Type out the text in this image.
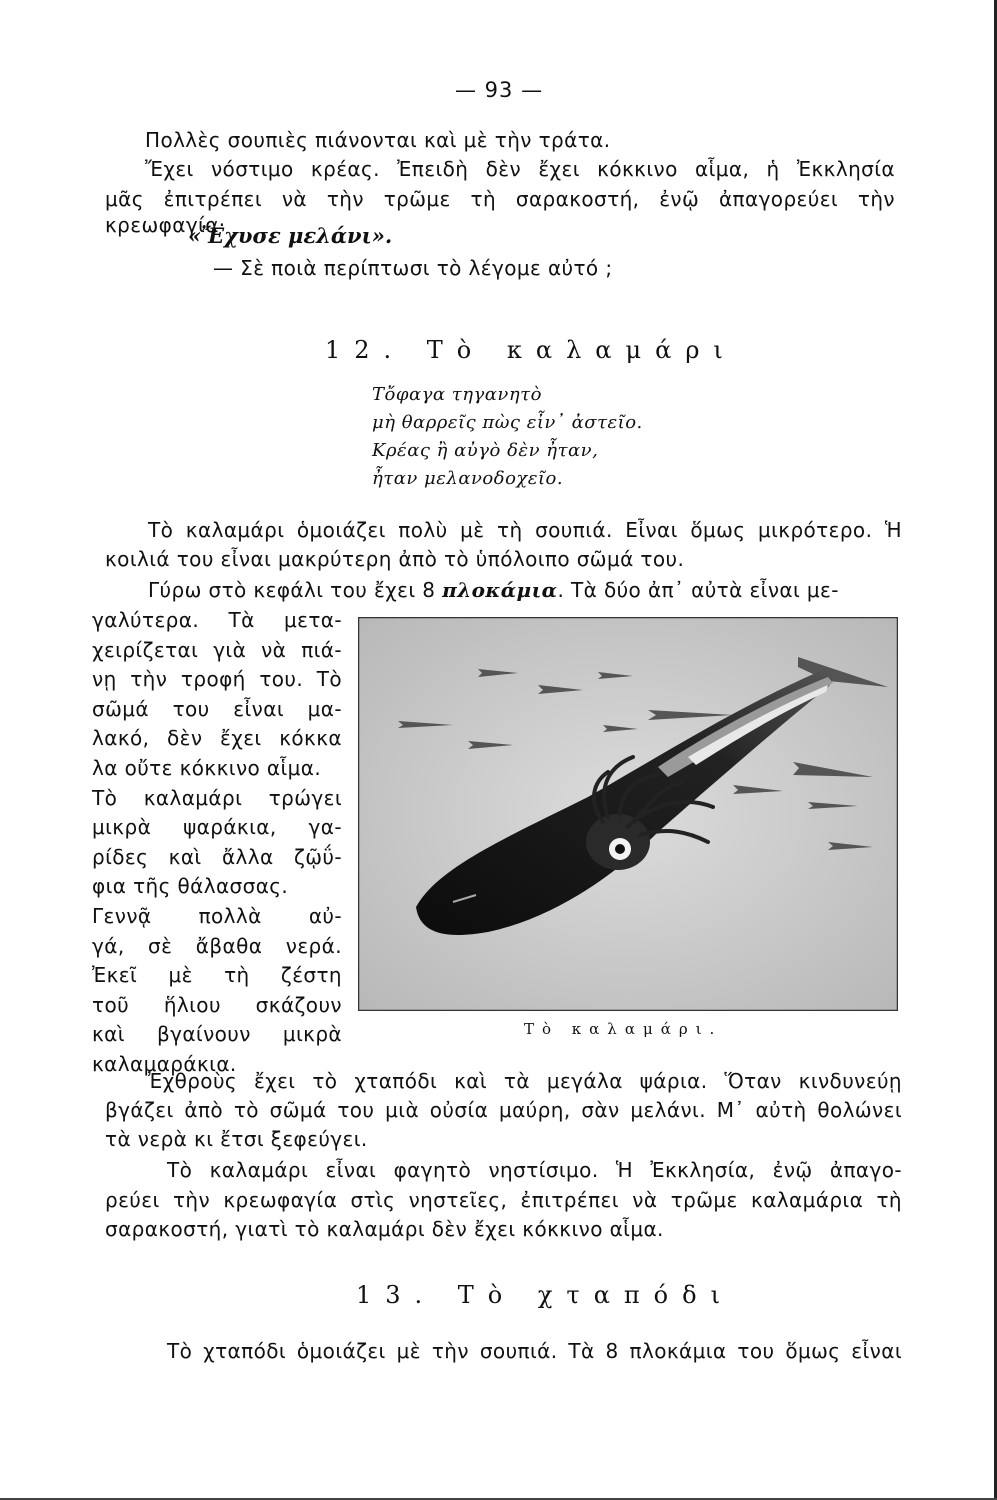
— 93 —
Πολλὲς σουπιὲς πιάνονται καὶ μὲ τὴν τράτα.
Ἔχει νόστιμο κρέας. Ἐπειδὴ δὲν ἔχει κόκκινο αἷμα, ἡ Ἐκκλησία
μᾶς ἐπιτρέπει νὰ τὴν τρῶμε τὴ σαρακοστή, ἐνῷ ἀπαγορεύει τὴν κρεωφαγία·
«Ἔχυσε μελάνι».
— Σὲ ποιὰ περίπτωσι τὸ λέγομε αὐτό ;
12. Τὸ καλαμάρι
Τὄφαγα τηγανητὸ
μὴ θαρρεῖς πὼς εἶν᾽ ἀστεῖο.
Κρέας ἢ αὐγὸ δὲν ἦταν,
ἦταν μελανοδοχεῖο.
Τὸ καλαμάρι ὁμοιάζει πολὺ μὲ τὴ σουπιά. Εἶναι ὅμως μικρότερο. Ἡ
κοιλιά του εἶναι μακρύτερη ἀπὸ τὸ ὑπόλοιπο σῶμά του.
Γύρω στὸ κεφάλι του ἔχει 8 πλοκάμια. Τὰ δύο ἀπ᾽ αὐτὰ εἶναι με-
γαλύτερα. Τὰ μετα-
χειρίζεται γιὰ νὰ πιά-
νῃ τὴν τροφή του. Τὸ
σῶμά του εἶναι μα-
λακό, δὲν ἔχει κόκκα
λα οὔτε κόκκινο αἷμα.
Τὸ καλαμάρι τρώγει
μικρὰ ψαράκια, γα-
ρίδες καὶ ἄλλα ζῷΰ-
φια τῆς θάλασσας.
Γεννᾷ πολλὰ αὐ-
γά, σὲ ἄβαθα νερά.
Ἐκεῖ μὲ τὴ ζέστη
τοῦ ἥλιου σκάζουν
καὶ βγαίνουν μικρὰ
καλαμαράκια.
Τὸ καλαμάρι.
Ἐχθροὺς ἔχει τὸ χταπόδι καὶ τὰ μεγάλα ψάρια. Ὅταν κινδυνεύῃ
βγάζει ἀπὸ τὸ σῶμά του μιὰ οὐσία μαύρη, σὰν μελάνι. Μ᾽ αὐτὴ θολώνει
τὰ νερὰ κι ἔτσι ξεφεύγει.
Τὸ καλαμάρι εἶναι φαγητὸ νηστίσιμο. Ἡ Ἐκκλησία, ἐνῷ ἀπαγο-
ρεύει τὴν κρεωφαγία στὶς νηστεῖες, ἐπιτρέπει νὰ τρῶμε καλαμάρια τὴ
σαρακοστή, γιατὶ τὸ καλαμάρι δὲν ἔχει κόκκινο αἷμα.
13. Τὸ χταπόδι
Τὸ χταπόδι ὁμοιάζει μὲ τὴν σουπιά. Τὰ 8 πλοκάμια του ὅμως εἶναι
